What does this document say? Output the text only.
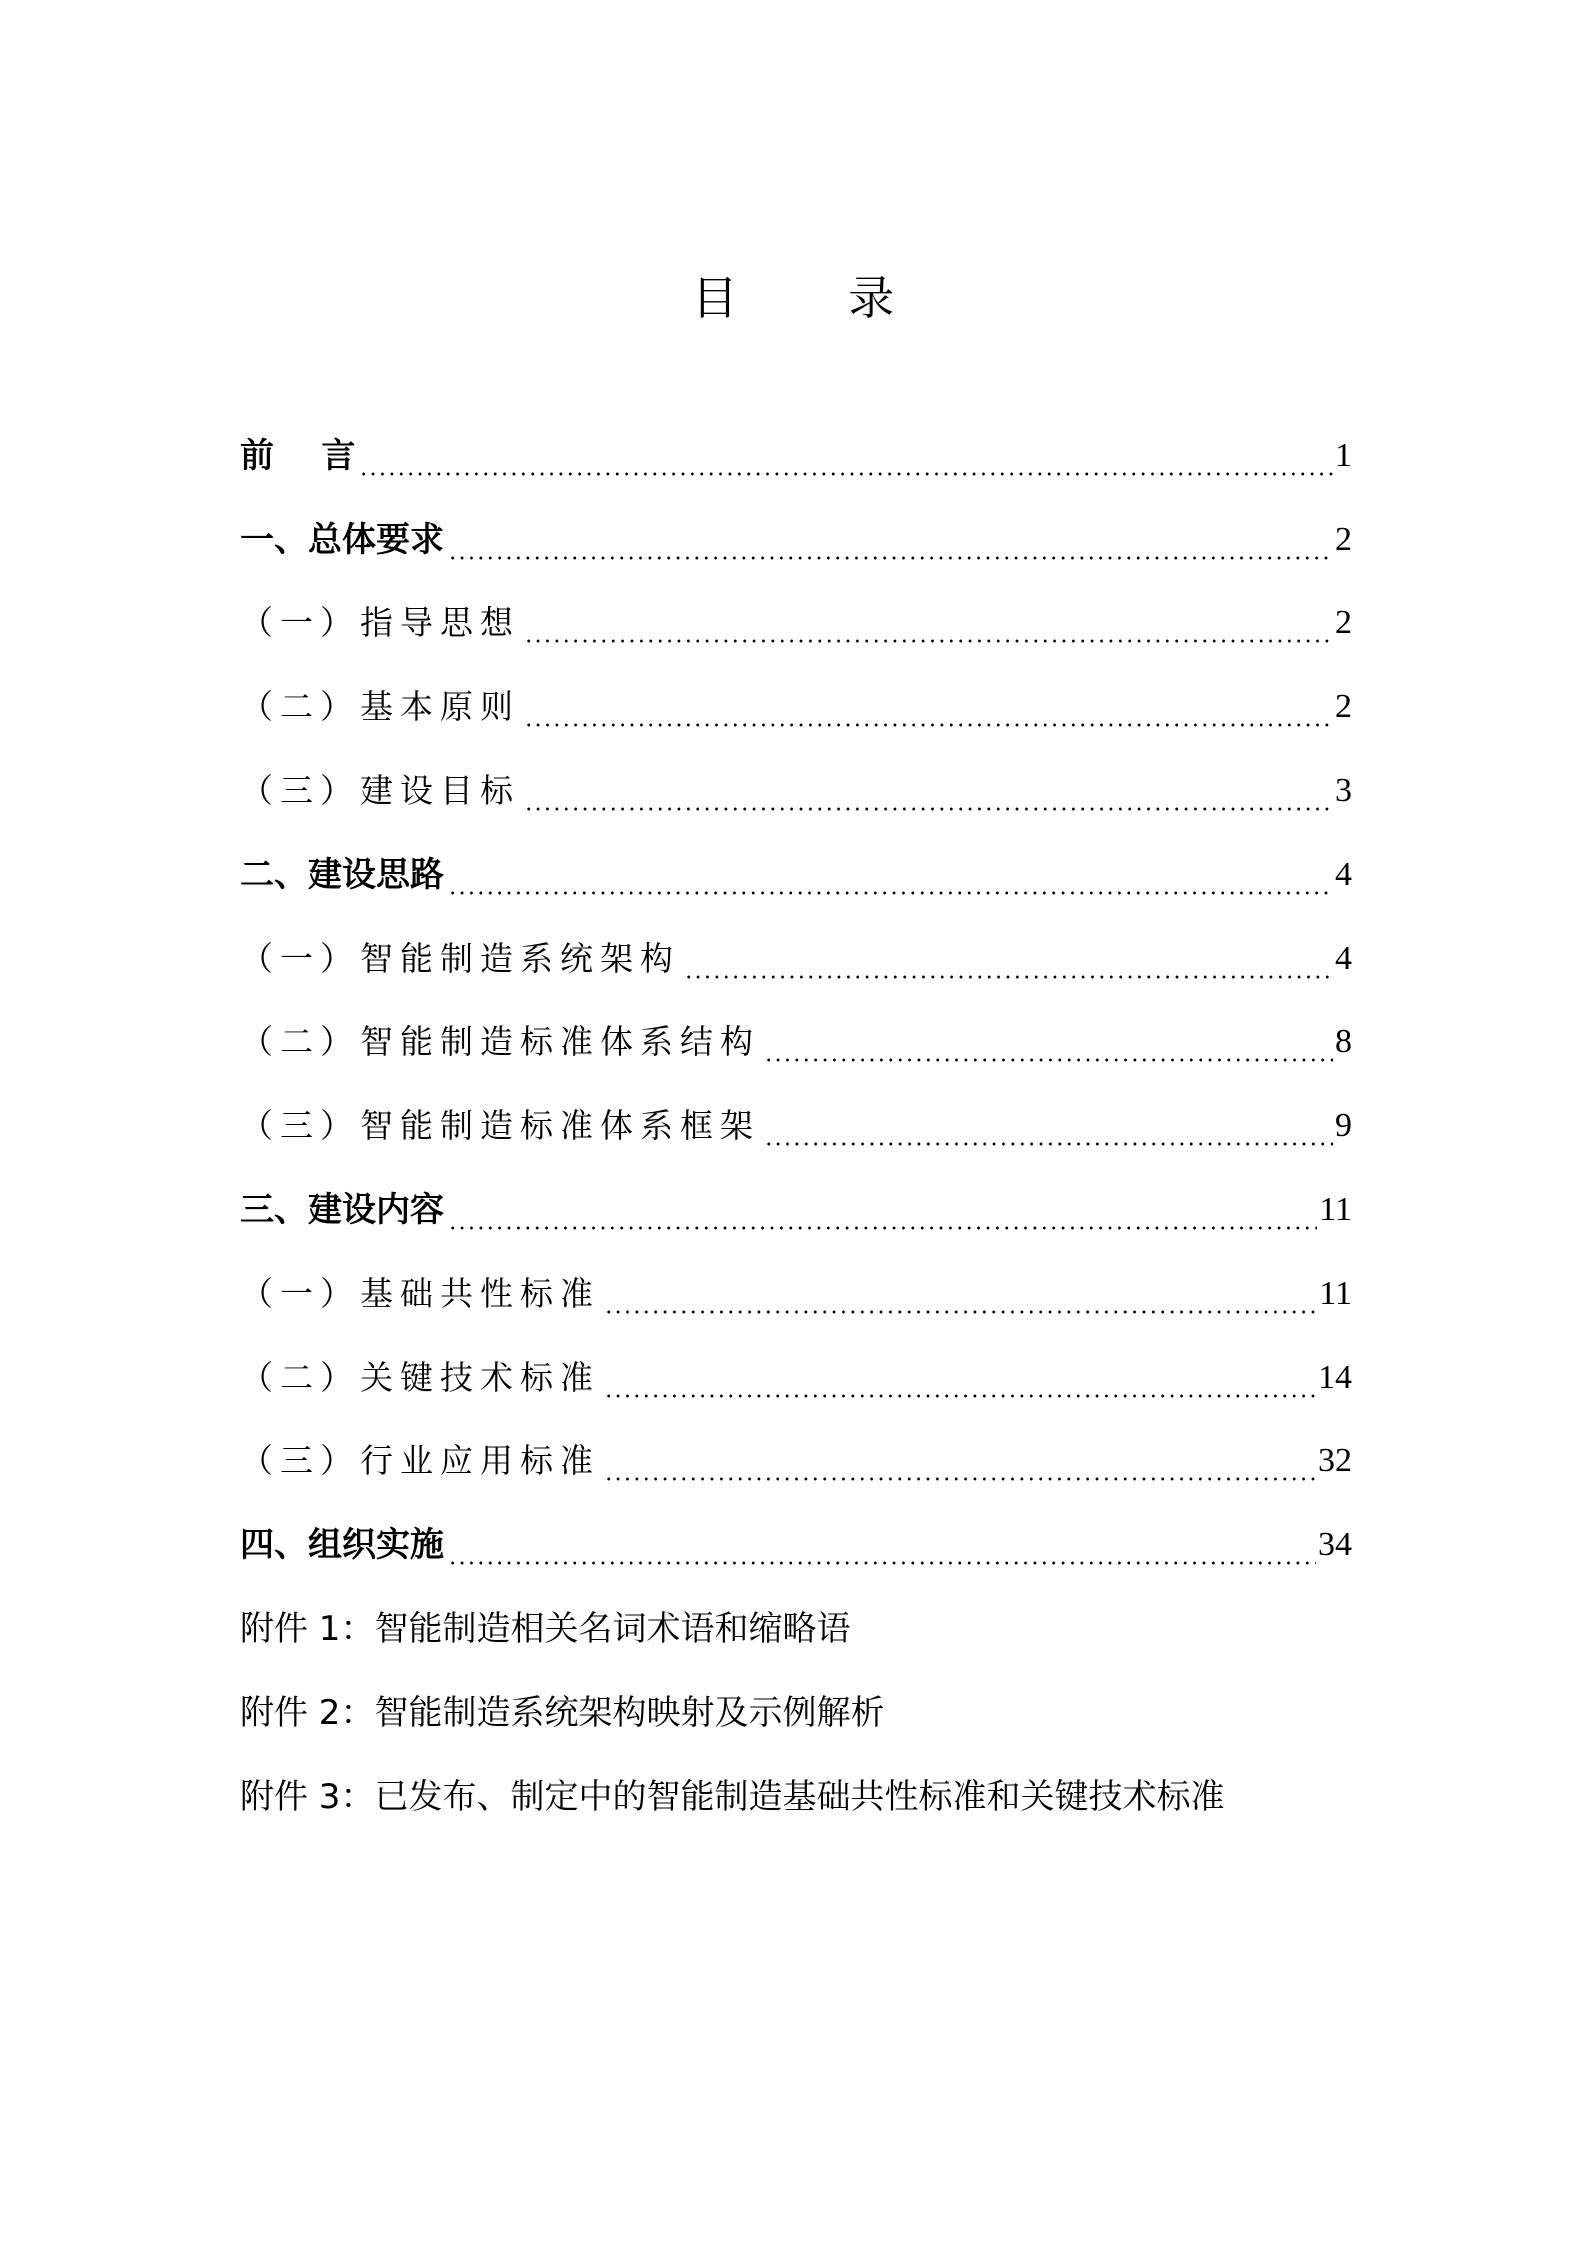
目 录
前    言	1
一、总体要求	2
（一）指导思想	2
（二）基本原则	2
（三）建设目标	3
二、建设思路	4
（一）智能制造系统架构	4
（二）智能制造标准体系结构	8
（三）智能制造标准体系框架	9
三、建设内容	11
（一）基础共性标准	11
（二）关键技术标准	14
（三）行业应用标准	32
四、组织实施	34
附件 1： 智能制造相关名词术语和缩略语
附件 2： 智能制造系统架构映射及示例解析
附件 3： 已发布、制定中的智能制造基础共性标准和关键技术标准
